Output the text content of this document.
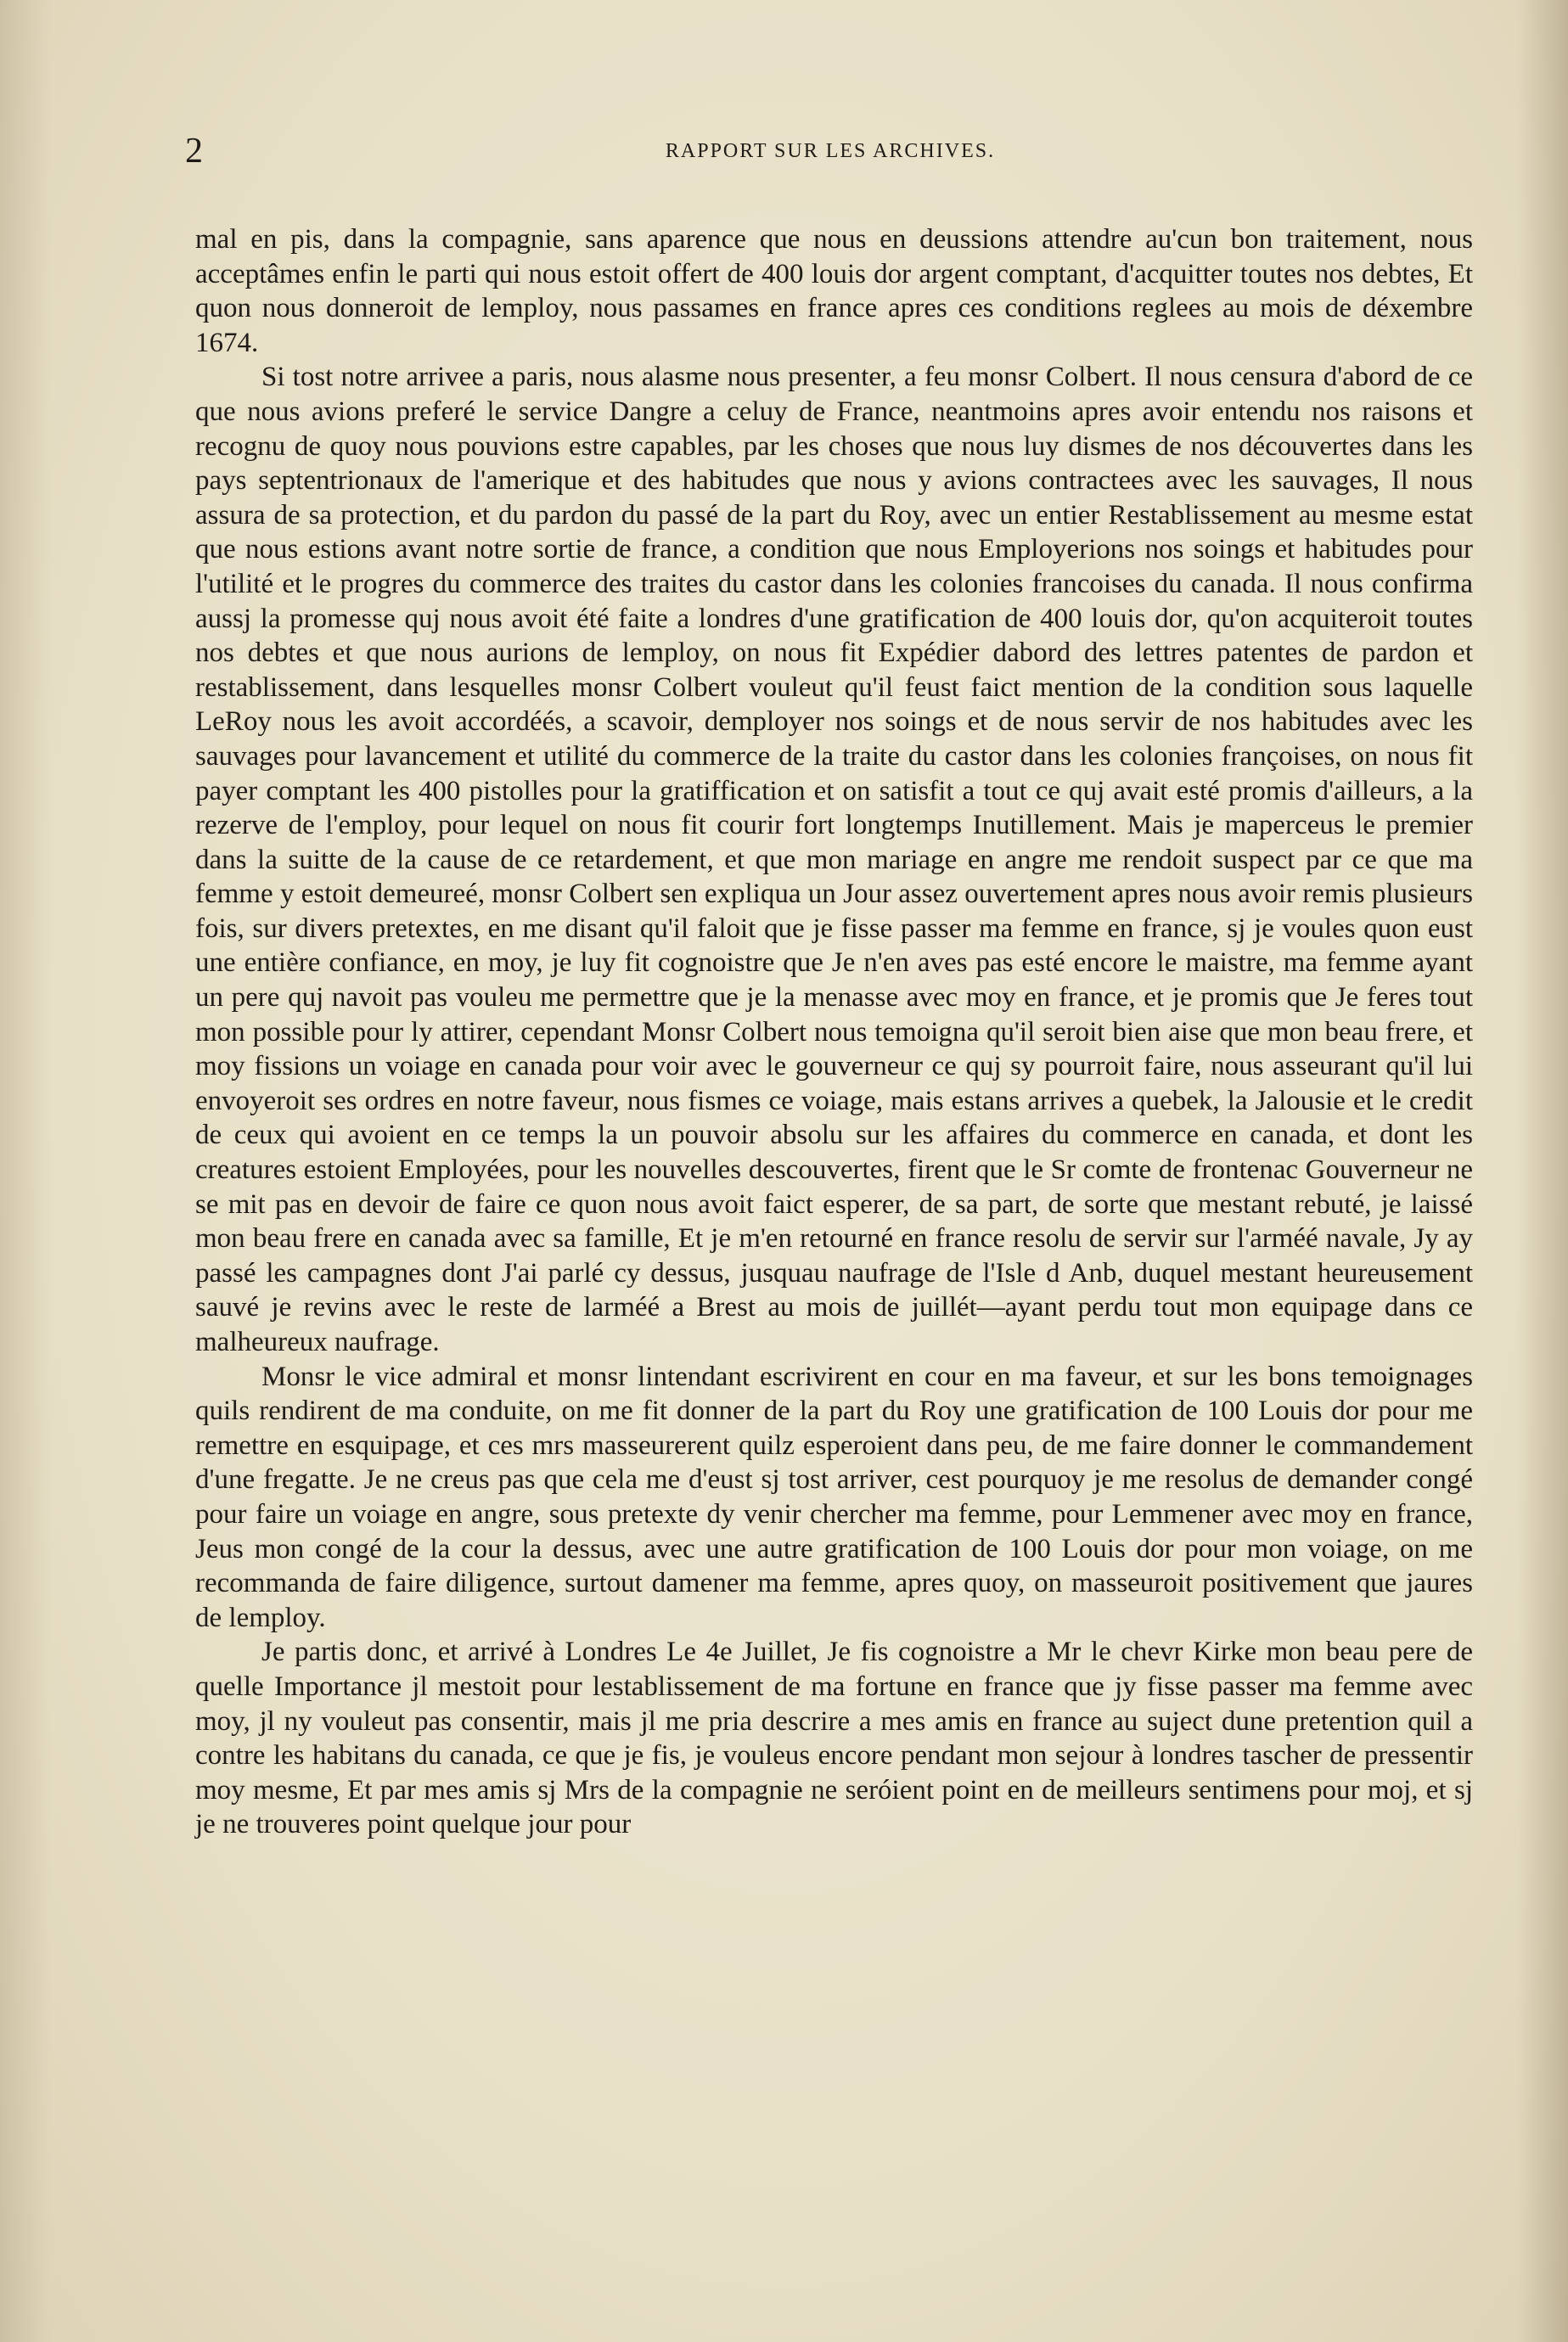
2	RAPPORT SUR LES ARCHIVES.

mal en pis, dans la compagnie, sans aparence que nous en deussions attendre au'cun bon traitement, nous acceptâmes enfin le parti qui nous estoit offert de 400 louis dor argent comptant, d'acquitter toutes nos debtes, Et quon nous donneroit de lemploy, nous passames en france apres ces conditions reglees au mois de déxembre 1674.

Si tost notre arrivee a paris, nous alasme nous presenter, a feu monsr Colbert. Il nous censura d'abord de ce que nous avions preferé le service Dangre a celuy de France, neantmoins apres avoir entendu nos raisons et recognu de quoy nous pouvions estre capables, par les choses que nous luy dismes de nos découvertes dans les pays septentrionaux de l'amerique et des habitudes que nous y avions contractees avec les sauvages, Il nous assura de sa protection, et du pardon du passé de la part du Roy, avec un entier Restablissement au mesme estat que nous estions avant notre sortie de france, a condition que nous Employerions nos soings et habitudes pour l'utilité et le progres du commerce des traites du castor dans les colonies francoises du canada. Il nous confirma aussj la promesse quj nous avoit été faite a londres d'une gratification de 400 louis dor, qu'on acquiteroit toutes nos debtes et que nous aurions de lemploy, on nous fit Expédier dabord des lettres patentes de pardon et restablissement, dans lesquelles monsr Colbert vouleut qu'il feust faict mention de la condition sous laquelle LeRoy nous les avoit accordéés, a scavoir, demployer nos soings et de nous servir de nos habitudes avec les sauvages pour lavancement et utilité du commerce de la traite du castor dans les colonies françoises, on nous fit payer comptant les 400 pistolles pour la gratiffication et on satisfit a tout ce quj avait esté promis d'ailleurs, a la rezerve de l'employ, pour lequel on nous fit courir fort longtemps Inutillement. Mais je maperceus le premier dans la suitte de la cause de ce retardement, et que mon mariage en angre me rendoit suspect par ce que ma femme y estoit demeureé, monsr Colbert sen expliqua un Jour assez ouvertement apres nous avoir remis plusieurs fois, sur divers pretextes, en me disant qu'il faloit que je fisse passer ma femme en france, sj je voules quon eust une entière confiance, en moy, je luy fit cognoistre que Je n'en aves pas esté encore le maistre, ma femme ayant un pere quj navoit pas vouleu me permettre que je la menasse avec moy en france, et je promis que Je feres tout mon possible pour ly attirer, cependant Monsr Colbert nous temoigna qu'il seroit bien aise que mon beau frere, et moy fissions un voiage en canada pour voir avec le gouverneur ce quj sy pourroit faire, nous asseurant qu'il lui envoyeroit ses ordres en notre faveur, nous fismes ce voiage, mais estans arrives a quebek, la Jalousie et le credit de ceux qui avoient en ce temps la un pouvoir absolu sur les affaires du commerce en canada, et dont les creatures estoient Employées, pour les nouvelles descouvertes, firent que le Sr comte de frontenac Gouverneur ne se mit pas en devoir de faire ce quon nous avoit faict esperer, de sa part, de sorte que mestant rebuté, je laissé mon beau frere en canada avec sa famille, Et je m'en retourné en france resolu de servir sur l'arméé navale, Jy ay passé les campagnes dont J'ai parlé cy dessus, jusquau naufrage de l'Isle d Anb, duquel mestant heureusement sauvé je revins avec le reste de larméé a Brest au mois de juillét—ayant perdu tout mon equipage dans ce malheureux naufrage.

Monsr le vice admiral et monsr lintendant escrivirent en cour en ma faveur, et sur les bons temoignages quils rendirent de ma conduite, on me fit donner de la part du Roy une gratification de 100 Louis dor pour me remettre en esquipage, et ces mrs masseurerent quilz esperoient dans peu, de me faire donner le commandement d'une fregatte. Je ne creus pas que cela me d'eust sj tost arriver, cest pourquoy je me resolus de demander congé pour faire un voiage en angre, sous pretexte dy venir chercher ma femme, pour Lemmener avec moy en france, Jeus mon congé de la cour la dessus, avec une autre gratification de 100 Louis dor pour mon voiage, on me recommanda de faire diligence, surtout damener ma femme, apres quoy, on masseuroit positivement que jaures de lemploy.

Je partis donc, et arrivé à Londres Le 4e Juillet, Je fis cognoistre a Mr le chevr Kirke mon beau pere de quelle Importance jl mestoit pour lestablissement de ma fortune en france que jy fisse passer ma femme avec moy, jl ny vouleut pas consentir, mais jl me pria descrire a mes amis en france au suject dune pretention quil a contre les habitans du canada, ce que je fis, je vouleus encore pendant mon sejour à londres tascher de pressentir moy mesme, Et par mes amis sj Mrs de la compagnie ne seróient point en de meilleurs sentimens pour moj, et sj je ne trouveres point quelque jour pour
